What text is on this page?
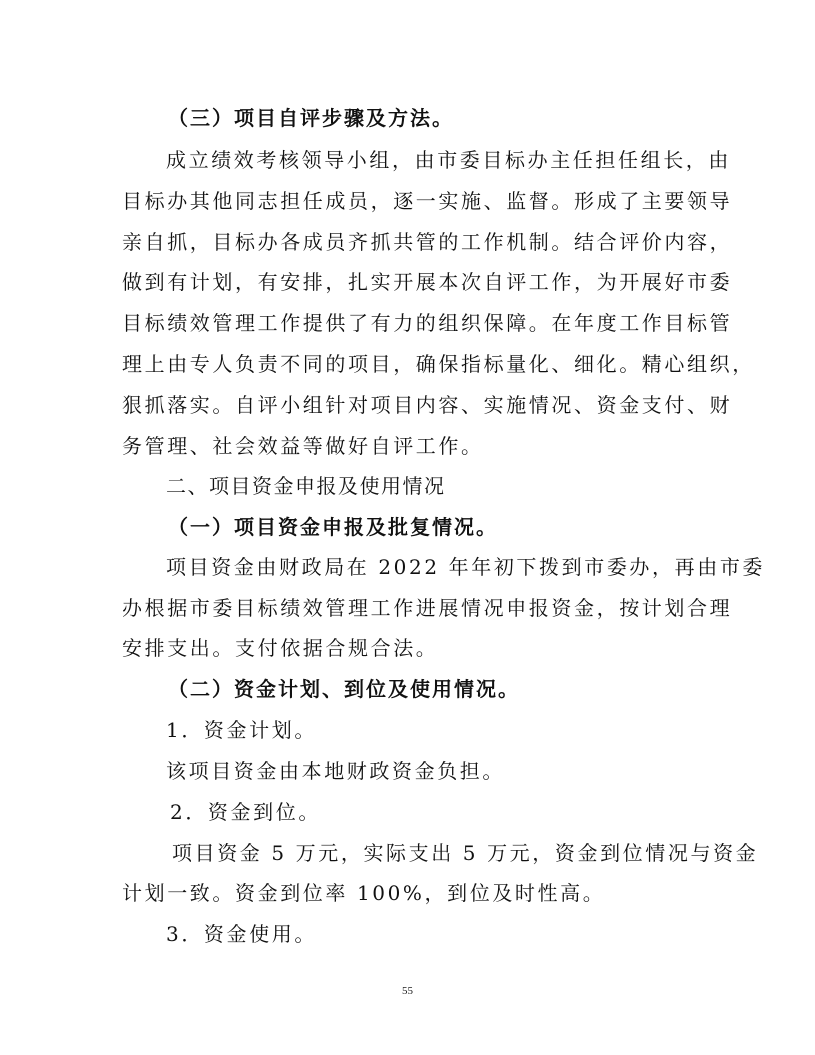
（三）项目自评步骤及方法。
成立绩效考核领导小组，由市委目标办主任担任组长，由
目标办其他同志担任成员，逐一实施、监督。形成了主要领导
亲自抓，目标办各成员齐抓共管的工作机制。结合评价内容，
做到有计划，有安排，扎实开展本次自评工作，为开展好市委
目标绩效管理工作提供了有力的组织保障。在年度工作目标管
理上由专人负责不同的项目，确保指标量化、细化。精心组织，
狠抓落实。自评小组针对项目内容、实施情况、资金支付、财
务管理、社会效益等做好自评工作。
二、项目资金申报及使用情况
（一）项目资金申报及批复情况。
项目资金由财政局在 2022 年年初下拨到市委办，再由市委
办根据市委目标绩效管理工作进展情况申报资金，按计划合理
安排支出。支付依据合规合法。
（二）资金计划、到位及使用情况。
1．资金计划。
该项目资金由本地财政资金负担。
2．资金到位。
项目资金 5 万元，实际支出 5 万元，资金到位情况与资金
计划一致。资金到位率 100%，到位及时性高。
3．资金使用。
55
